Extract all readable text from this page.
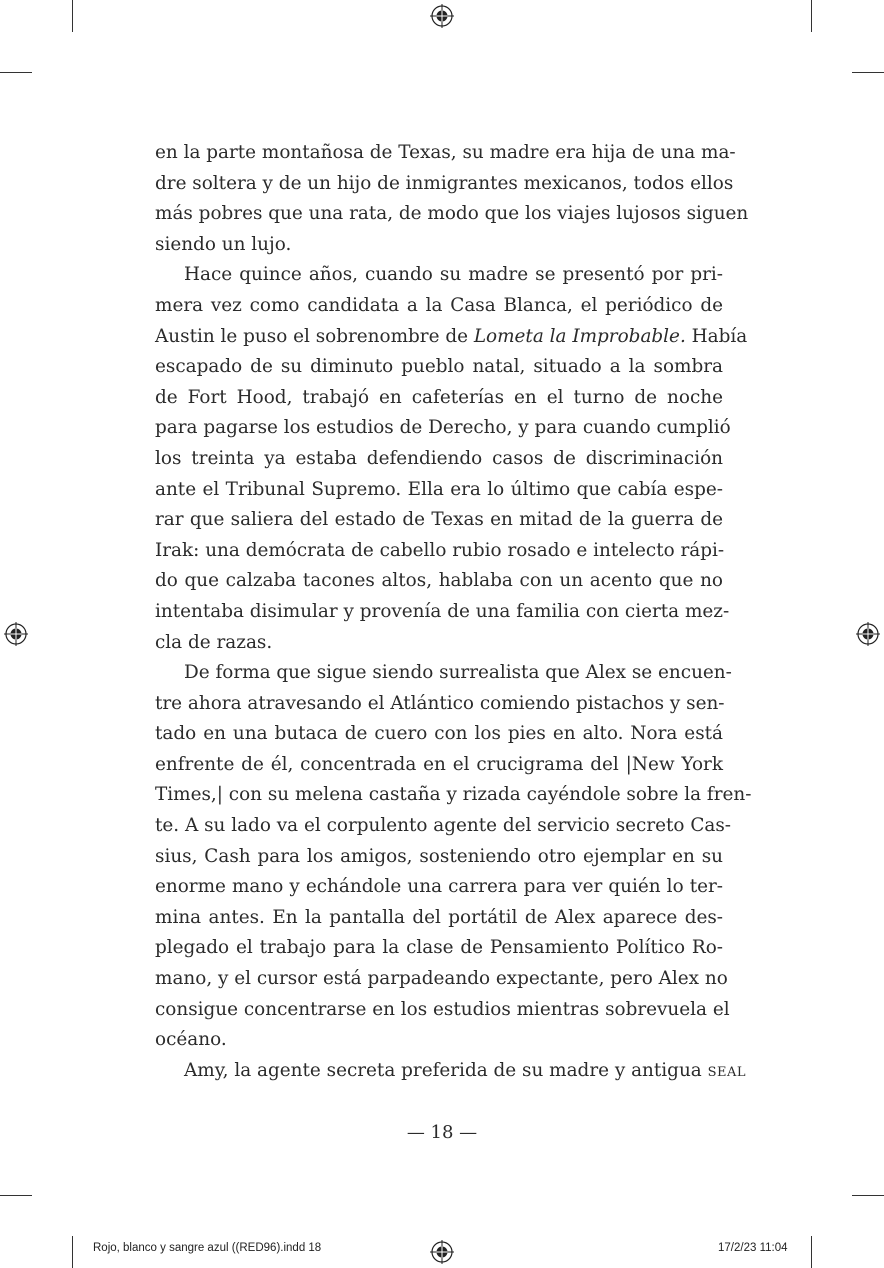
en la parte montañosa de Texas, su madre era hija de una ma-
dre soltera y de un hijo de inmigrantes mexicanos, todos ellos
más pobres que una rata, de modo que los viajes lujosos siguen
siendo un lujo.

Hace quince años, cuando su madre se presentó por pri-
mera vez como candidata a la Casa Blanca, el periódico de
Austin le puso el sobrenombre de Lometa la Improbable. Había
escapado de su diminuto pueblo natal, situado a la sombra
de Fort Hood, trabajó en cafeterías en el turno de noche
para pagarse los estudios de Derecho, y para cuando cumplió
los treinta ya estaba defendiendo casos de discriminación
ante el Tribunal Supremo. Ella era lo último que cabía espe-
rar que saliera del estado de Texas en mitad de la guerra de
Irak: una demócrata de cabello rubio rosado e intelecto rápi-
do que calzaba tacones altos, hablaba con un acento que no
intentaba disimular y provenía de una familia con cierta mez-
cla de razas.

De forma que sigue siendo surrealista que Alex se encuen-
tre ahora atravesando el Atlántico comiendo pistachos y sen-
tado en una butaca de cuero con los pies en alto. Nora está
enfrente de él, concentrada en el crucigrama del |New York
Times,| con su melena castaña y rizada cayéndole sobre la fren-
te. A su lado va el corpulento agente del servicio secreto Cas-
sius, Cash para los amigos, sosteniendo otro ejemplar en su
enorme mano y echándole una carrera para ver quién lo ter-
mina antes. En la pantalla del portátil de Alex aparece des-
plegado el trabajo para la clase de Pensamiento Político Ro-
mano, y el cursor está parpadeando expectante, pero Alex no
consigue concentrarse en los estudios mientras sobrevuela el
océano.

Amy, la agente secreta preferida de su madre y antigua seal

— 18 —
Rojo, blanco y sangre azul ((RED96).indd 18	17/2/23 11:04
